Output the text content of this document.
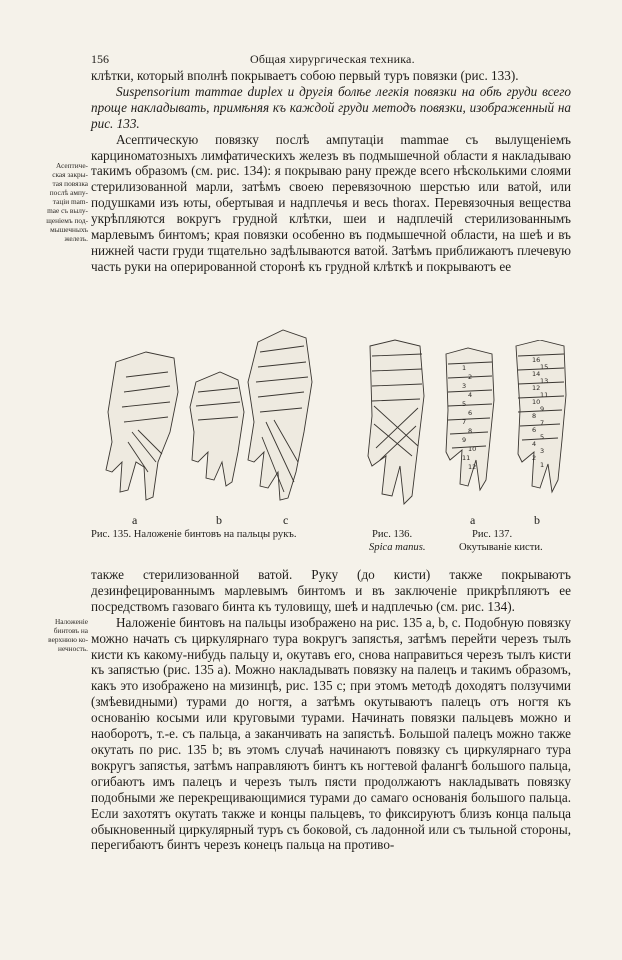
156	Общая хирургическая техника.

клѣтки, который вполнѣ покрываетъ собою первый туръ повязки (рис. 133).

Suspensorium mammae duplex и другія болѣе легкія повязки на обѣ груди всего проще накладывать, примѣняя къ каждой груди методъ повязки, изображенный на рис. 133.

Асептическую повязку послѣ ампутаціи mammae съ вылущеніемъ карциноматозныхъ лимфатическихъ железъ въ подмышечной области я накладываю такимъ образомъ (см. рис. 134): я покрываю рану прежде всего нѣсколькими слоями стерилизованной марли, затѣмъ своею перевязочною шерстью или ватой, или подушками изъ юты, обертывая и надплечья и весь thorax. Перевязочныя вещества укрѣпляются вокругъ грудной клѣтки, шеи и надплечій стерилизованнымъ марлевымъ бинтомъ; края повязки особенно въ подмышечной области, на шеѣ и въ нижней части груди тщательно задѣлываются ватой. Затѣмъ приближаютъ плечевую часть руки на оперированной сторонѣ къ грудной клѣткѣ и покрываютъ ее

Асептиче-
ская закры-
тая повязка
послѣ ампу-
таціи mam-
mae съ вылу-
щеніемъ под-
мышечныхъ
железъ.
a	b	c
Рис. 135. Наложеніе бинтовъ на пальцы рукъ.	Рис. 136.
Spica manus.
1
2
3
4
5
6
7
8
9
10
11
12
16
15
14
13
12
11
10
9
8
7
6
5
4
3
2
1
a	b
Рис. 137.
Окутываніе кисти.

также стерилизованной ватой. Руку (до кисти) также покрываютъ дезинфецированнымъ марлевымъ бинтомъ и въ заключеніе прикрѣпляютъ ее посредствомъ газоваго бинта къ туловищу, шеѣ и надплечью (см. рис. 134).

Наложеніе бинтовъ на пальцы изображено на рис. 135 a, b, c. Подобную повязку можно начать съ циркулярнаго тура вокругъ запястья, затѣмъ перейти черезъ тылъ кисти къ какому-нибудь пальцу и, окутавъ его, снова направиться черезъ тылъ кисти къ запястью (рис. 135 a). Можно накладывать повязку на палецъ и такимъ образомъ, какъ это изображено на мизинцѣ, рис. 135 c; при этомъ методѣ доходятъ ползучими (змѣевидными) турами до ногтя, а затѣмъ окутываютъ палецъ отъ ногтя къ основанію косыми или круговыми турами. Начинать повязки пальцевъ можно и наоборотъ, т.-е. съ пальца, а заканчивать на запястьѣ. Большой палецъ можно также окутать по рис. 135 b; въ этомъ случаѣ начинаютъ повязку съ циркулярнаго тура вокругъ запястья, затѣмъ направляютъ бинтъ къ ногтевой фалангѣ большого пальца, огибаютъ имъ палецъ и черезъ тылъ пясти продолжаютъ накладывать повязку подобными же перекрещивающимися турами до самаго основанія большого пальца. Если захотятъ окутать также и концы пальцевъ, то фиксируютъ близъ конца пальца обыкновенный циркулярный туръ съ боковой, съ ладонной или съ тыльной стороны, перегибаютъ бинтъ черезъ конецъ пальца на противо-

Наложеніе
бинтовъ на
верхнюю ко-
нечность.
